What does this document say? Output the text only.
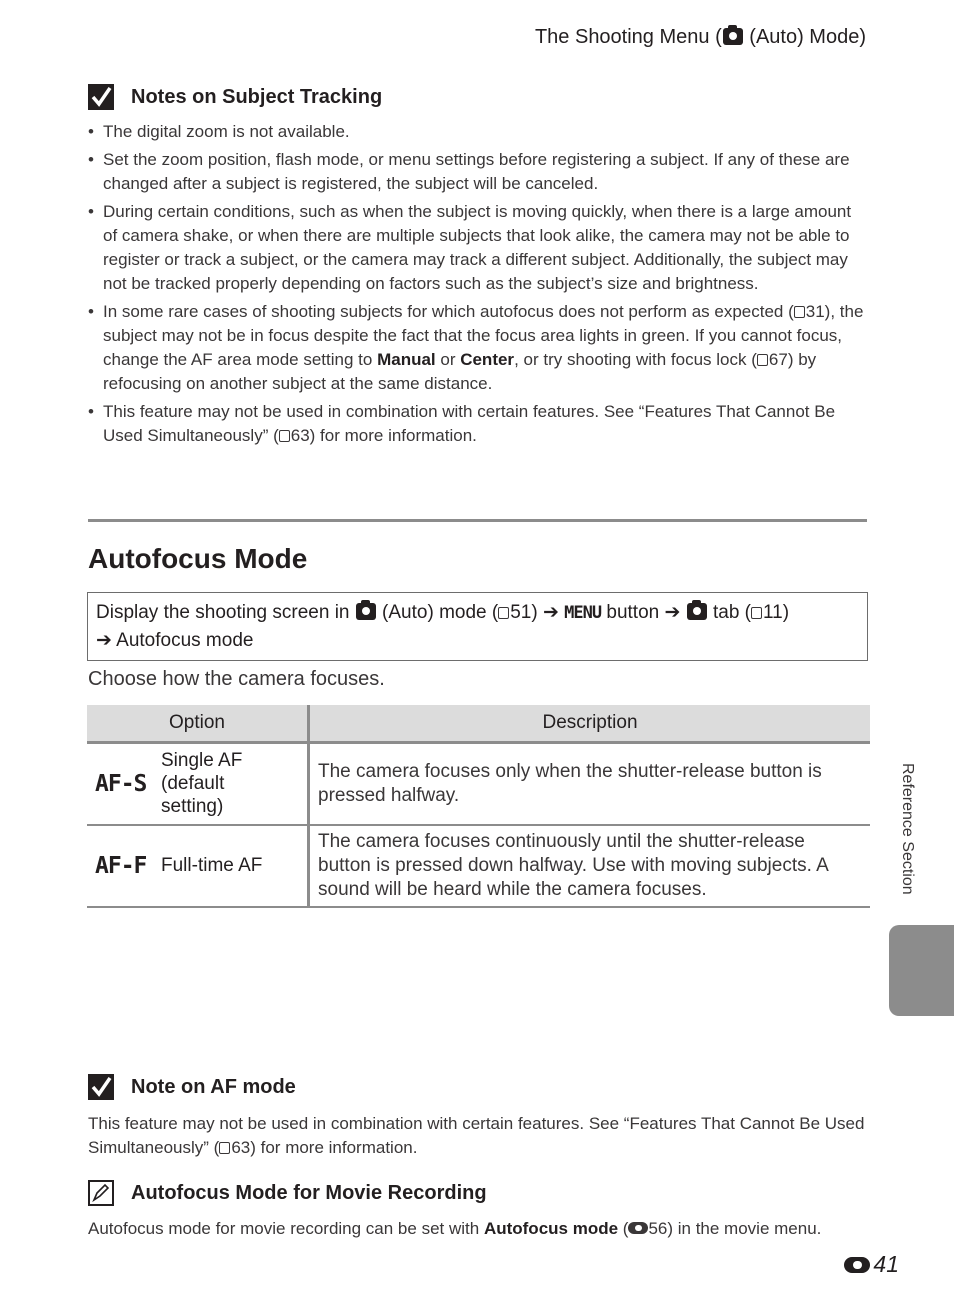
The Shooting Menu ( (Auto) Mode)
Notes on Subject Tracking
• The digital zoom is not available.
• Set the zoom position, flash mode, or menu settings before registering a subject. If any of these are changed after a subject is registered, the subject will be canceled.
• During certain conditions, such as when the subject is moving quickly, when there is a large amount of camera shake, or when there are multiple subjects that look alike, the camera may not be able to register or track a subject, or the camera may track a different subject. Additionally, the subject may not be tracked properly depending on factors such as the subject’s size and brightness.
• In some rare cases of shooting subjects for which autofocus does not perform as expected ( 31), the subject may not be in focus despite the fact that the focus area lights in green. If you cannot focus, change the AF area mode setting to Manual or Center, or try shooting with focus lock ( 67) by refocusing on another subject at the same distance.
• This feature may not be used in combination with certain features. See “Features That Cannot Be Used Simultaneously” ( 63) for more information.
Autofocus Mode
Display the shooting screen in  (Auto) mode ( 51) ➔ MENU button ➔  tab ( 11)
➔ Autofocus mode
Choose how the camera focuses.
Option	Description

AF-S
Single AF (default setting)	The camera focuses only when the shutter-release button is pressed halfway.

AF-F Full-time AF	The camera focuses continuously until the shutter-release button is pressed down halfway. Use with moving subjects. A sound will be heard while the camera focuses.	Reference Section
Note on AF mode
This feature may not be used in combination with certain features. See “Features That Cannot Be Used Simultaneously” ( 63) for more information.
Autofocus Mode for Movie Recording
Autofocus mode for movie recording can be set with Autofocus mode ( 56) in the movie menu.
41
